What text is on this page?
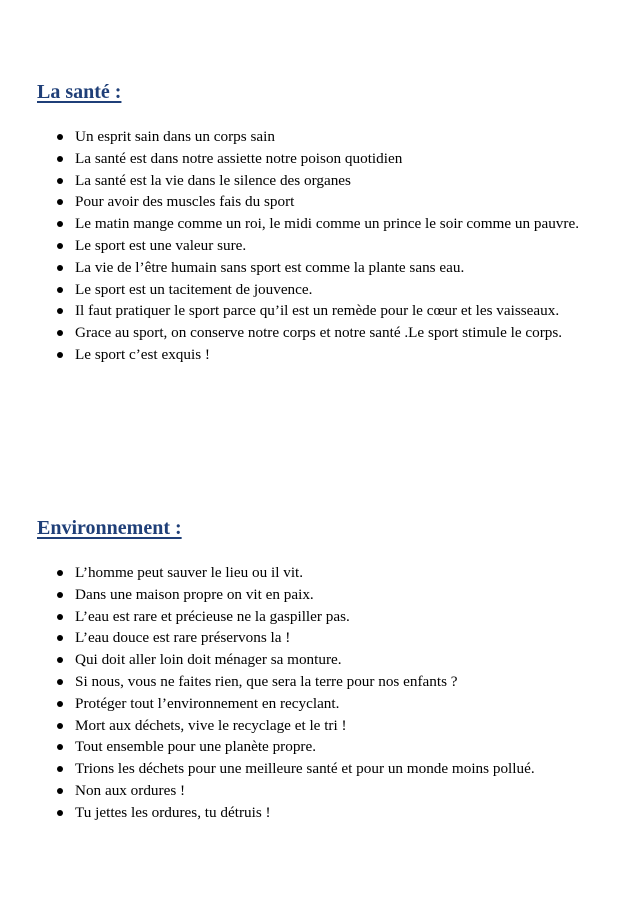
La santé :
Un esprit sain dans un corps sain
La santé est dans notre assiette notre poison quotidien
La santé est la vie dans le silence des organes
Pour avoir des muscles fais du sport
Le matin mange comme un roi, le midi comme un prince le soir comme un pauvre.
Le sport est une valeur sure.
La vie de l’être humain sans sport est comme la plante sans eau.
Le sport est un tacitement de jouvence.
Il faut pratiquer le sport parce qu’il est un remède pour le cœur et les vaisseaux.
Grace au sport, on conserve notre corps et notre santé .Le sport stimule le corps.
Le sport c’est exquis !
Environnement :
L’homme peut sauver le lieu ou il vit.
Dans une maison propre on vit en paix.
L’eau est rare et précieuse ne la gaspiller pas.
L’eau douce est rare préservons la !
Qui doit aller loin doit ménager sa monture.
Si nous, vous ne faites rien, que sera la terre pour nos enfants ?
Protéger tout l’environnement en recyclant.
Mort aux déchets, vive le recyclage et le tri !
Tout ensemble pour une planète propre.
Trions les déchets pour une meilleure santé et pour un monde moins pollué.
Non aux ordures !
Tu jettes les ordures, tu détruis !
